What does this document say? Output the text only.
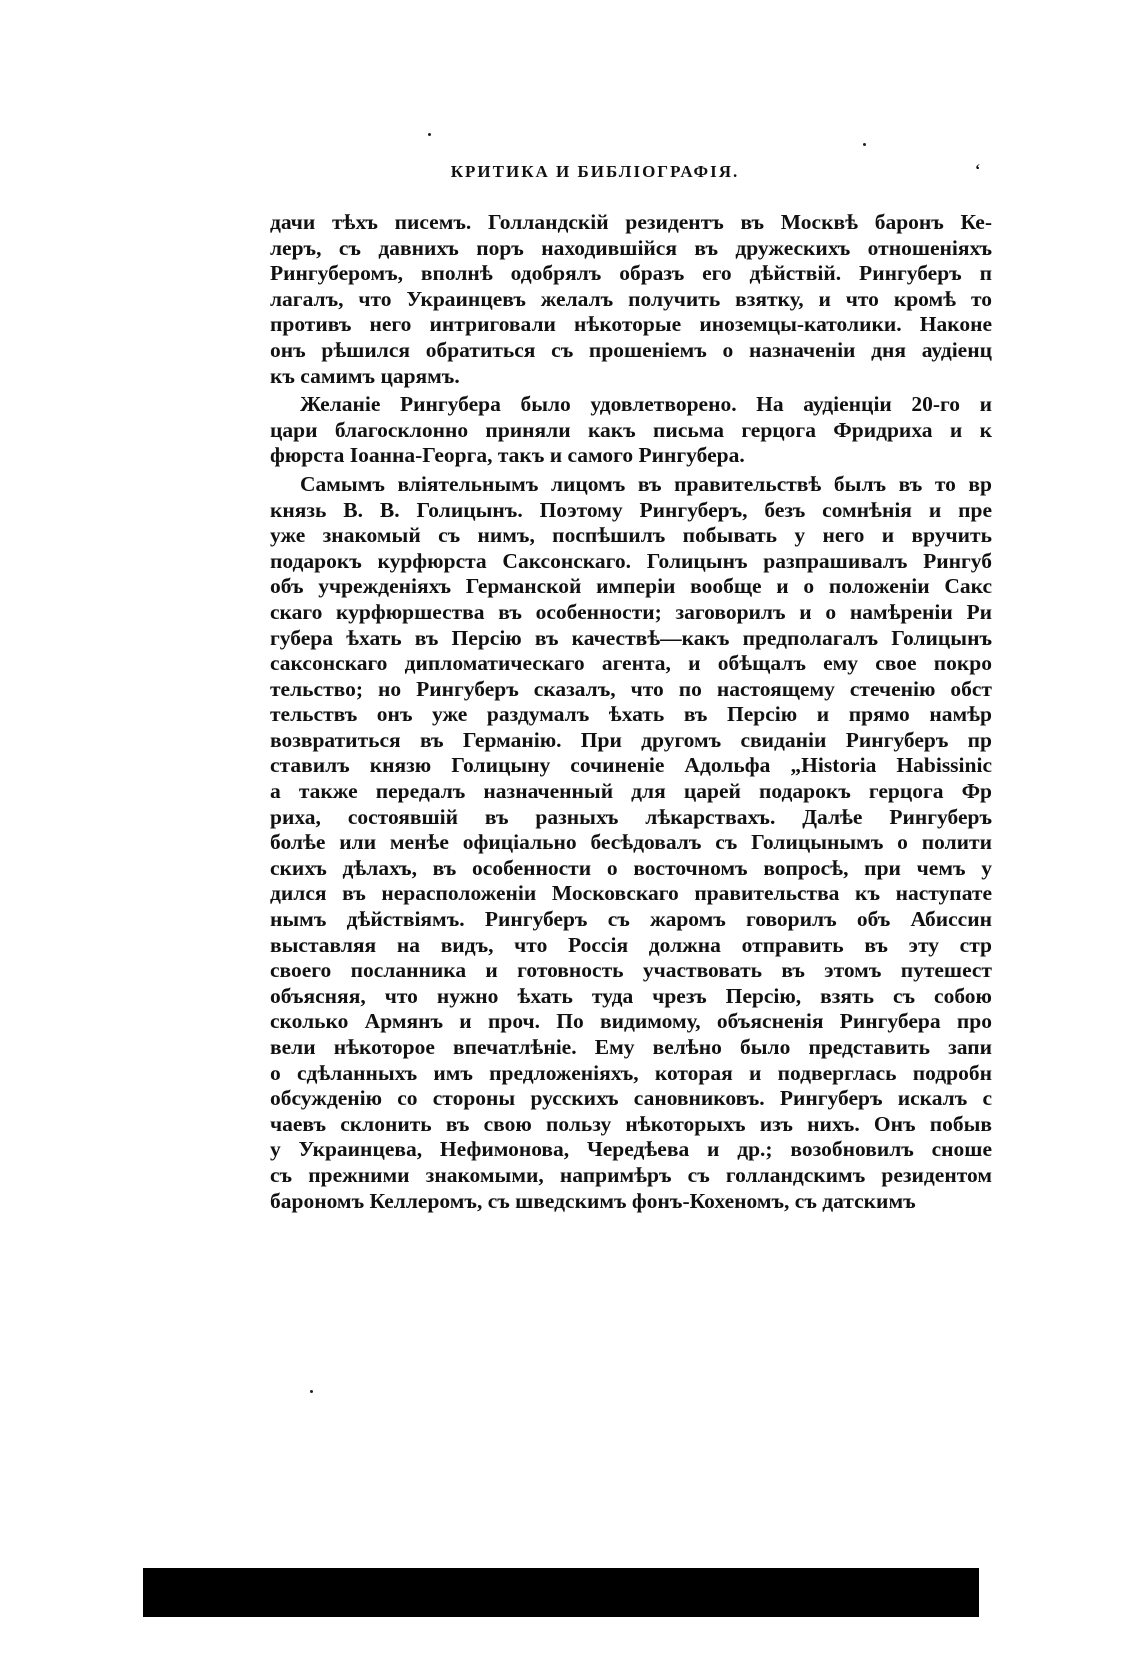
КРИТИКА И БИБЛІОГРАФІЯ.	‘
дачи тѣхъ писемъ. Голландскій резидентъ въ Москвѣ баронъ Ке-
леръ, съ давнихъ поръ находившійся въ дружескихъ отношеніяхъ
Рингуберомъ, вполнѣ одобрялъ образъ его дѣйствій. Рингуберъ п
лагалъ, что Украинцевъ желалъ получить взятку, и что кромѣ то
противъ него интриговали нѣкоторые иноземцы-католики. Наконе
онъ рѣшился обратиться съ прошеніемъ о назначеніи дня аудіенц
къ самимъ царямъ.
Желаніе Рингубера было удовлетворено. На аудіенціи 20-го и
цари благосклонно приняли какъ письма герцога Фридриха и к
фюрста Іоанна-Георга, такъ и самого Рингубера.
Самымъ вліятельнымъ лицомъ въ правительствѣ былъ въ то вр
князь В. В. Голицынъ. Поэтому Рингуберъ, безъ сомнѣнія и пре
уже знакомый съ нимъ, поспѣшилъ побывать у него и вручить
подарокъ курфюрста Саксонскаго. Голицынъ разпрашивалъ Рингуб
объ учрежденіяхъ Германской имперіи вообще и о положеніи Сакс
скаго курфюршества въ особенности; заговорилъ и о намѣреніи Ри
губера ѣхать въ Персію въ качествѣ—какъ предполагалъ Голицынъ
саксонскаго дипломатическаго агента, и обѣщалъ ему свое покро
тельство; но Рингуберъ сказалъ, что по настоящему стеченію обст
тельствъ онъ уже раздумалъ ѣхать въ Персію и прямо намѣр
возвратиться въ Германію. При другомъ свиданіи Рингуберъ пр
ставилъ князю Голицыну сочиненіе Адольфа „Historia Habissinic
а также передалъ назначенный для царей подарокъ герцога Фр
риха, состоявшій въ разныхъ лѣкарствахъ. Далѣе Рингуберъ
болѣе или менѣе офиціально бесѣдовалъ съ Голицынымъ о полити
скихъ дѣлахъ, въ особенности о восточномъ вопросѣ, при чемъ у
дился въ нерасположеніи Московскаго правительства къ наступате
нымъ дѣйствіямъ. Рингуберъ съ жаромъ говорилъ объ Абиссин
выставляя на видъ, что Россія должна отправить въ эту стр
своего посланника и готовность участвовать въ этомъ путешест
объясняя, что нужно ѣхать туда чрезъ Персію, взять съ собою
сколько Армянъ и проч. По видимому, объясненія Рингубера про
вели нѣкоторое впечатлѣніе. Ему велѣно было представить запи
о сдѣланныхъ имъ предложеніяхъ, которая и подверглась подробн
обсужденію со стороны русскихъ сановниковъ. Рингуберъ искалъ с
чаевъ склонить въ свою пользу нѣкоторыхъ изъ нихъ. Онъ побыв
у Украинцева, Нефимонова, Чередѣева и др.; возобновилъ сноше
съ прежними знакомыми, напримѣръ съ голландскимъ резидентом
барономъ Келлеромъ, съ шведскимъ фонъ-Кохеномъ, съ датскимъ
